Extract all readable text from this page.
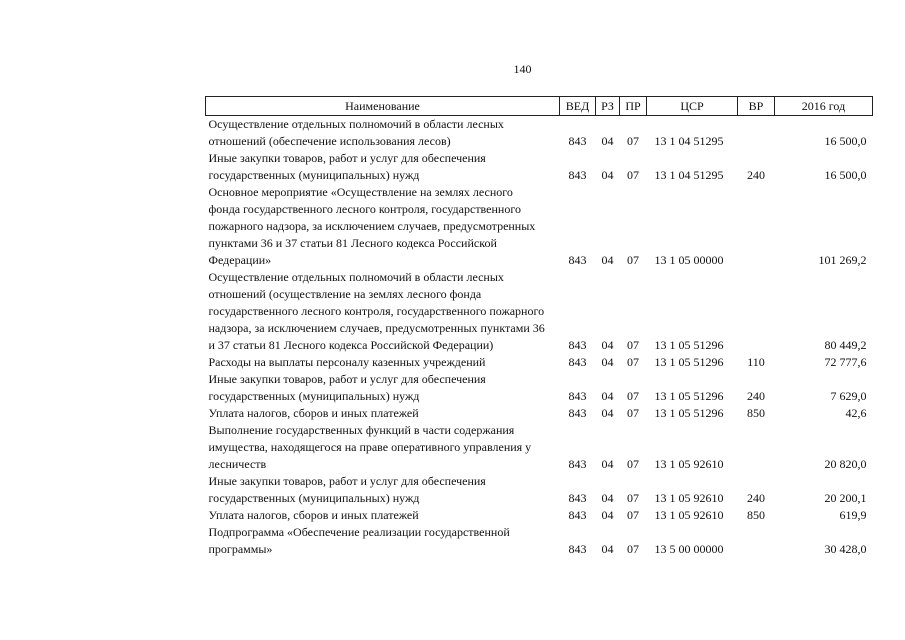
140
Наименование	ВЕД	РЗ	ПР	ЦСР	ВР	2016 год
Осуществление отдельных полномочий в области лесных отношений (обеспечение использования лесов)	843	04	07	13 1 04 51295		16 500,0
Иные закупки товаров, работ и услуг для обеспечения государственных (муниципальных) нужд	843	04	07	13 1 04 51295	240	16 500,0
Основное мероприятие «Осуществление на землях лесного фонда государственного лесного контроля, государственного пожарного надзора, за исключением случаев, предусмотренных пунктами 36 и 37 статьи 81 Лесного кодекса Российской Федерации»	843	04	07	13 1 05 00000		101 269,2
Осуществление отдельных полномочий в области лесных отношений (осуществление на землях лесного фонда государственного лесного контроля, государственного пожарного надзора, за исключением случаев, предусмотренных пунктами 36 и 37 статьи 81 Лесного кодекса Российской Федерации)	843	04	07	13 1 05 51296		80 449,2
Расходы на выплаты персоналу казенных учреждений	843	04	07	13 1 05 51296	110	72 777,6
Иные закупки товаров, работ и услуг для обеспечения государственных (муниципальных) нужд	843	04	07	13 1 05 51296	240	7 629,0
Уплата налогов, сборов и иных платежей	843	04	07	13 1 05 51296	850	42,6
Выполнение государственных функций в части содержания имущества, находящегося на праве оперативного управления у лесничеств	843	04	07	13 1 05 92610		20 820,0
Иные закупки товаров, работ и услуг для обеспечения государственных (муниципальных) нужд	843	04	07	13 1 05 92610	240	20 200,1
Уплата налогов, сборов и иных платежей	843	04	07	13 1 05 92610	850	619,9
Подпрограмма «Обеспечение реализации государственной программы»	843	04	07	13 5 00 00000		30 428,0
